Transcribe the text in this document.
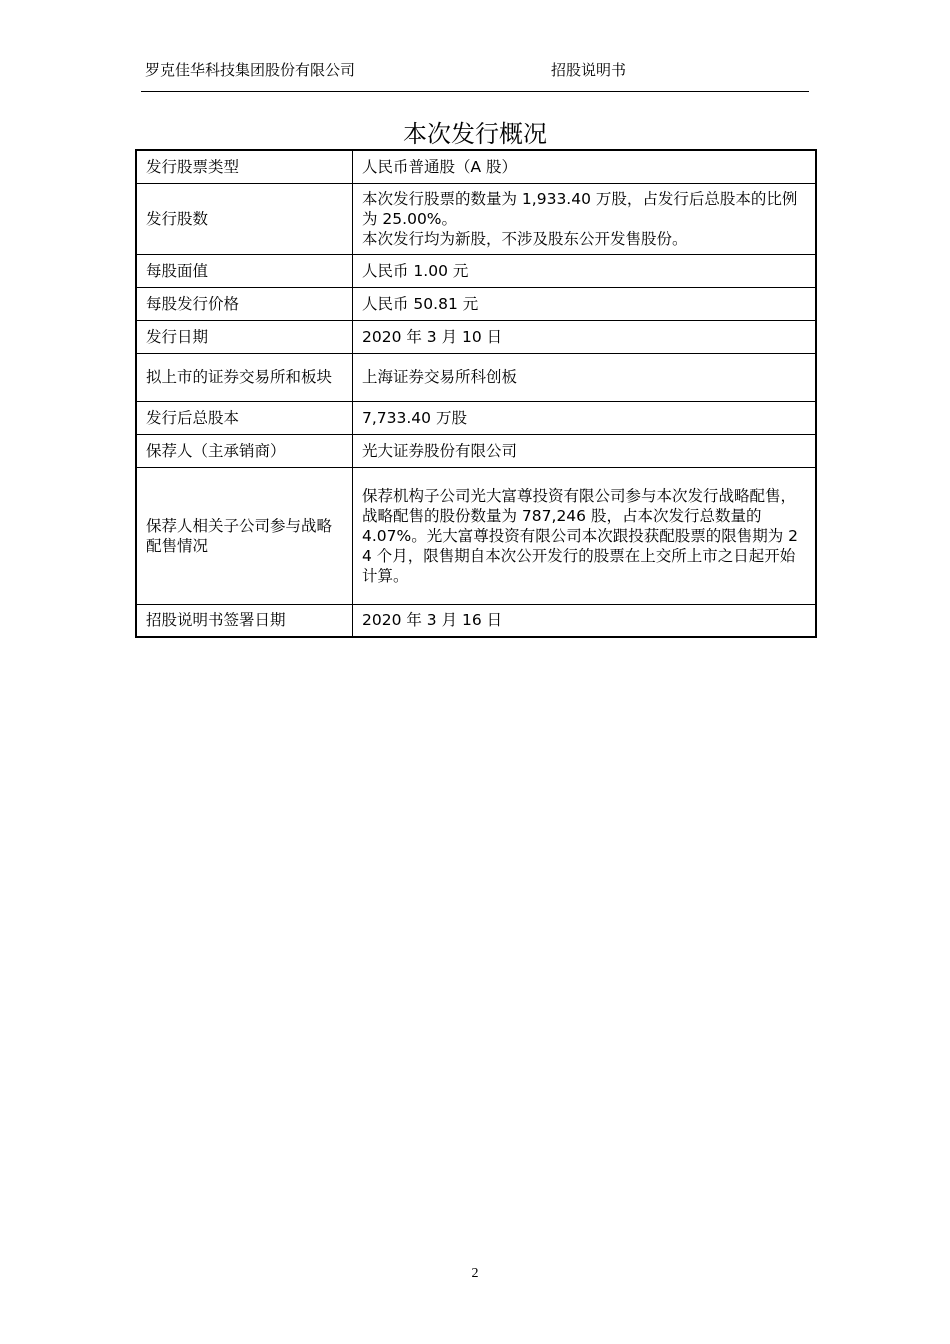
罗克佳华科技集团股份有限公司	招股说明书
本次发行概况
发行股票类型	人民币普通股（A 股）
发行股数	本次发行股票的数量为 1,933.40 万股，占发行后总股本的比例为 25.00%。
本次发行均为新股，不涉及股东公开发售股份。

每股面值	人民币 1.00 元
每股发行价格	人民币 50.81 元
发行日期	2020 年 3 月 10 日
拟上市的证券交易所和板块	上海证券交易所科创板
发行后总股本	7,733.40 万股
保荐人（主承销商）	光大证券股份有限公司
保荐人相关子公司参与战略配售情况	保荐机构子公司光大富尊投资有限公司参与本次发行战略配售，战略配售的股份数量为 787,246 股，占本次发行总数量的
4.07%。光大富尊投资有限公司本次跟投获配股票的限售期为 24 个月，限售期自本次公开发行的股票在上交所上市之日起开始计算。

招股说明书签署日期	2020 年 3 月 16 日
2
